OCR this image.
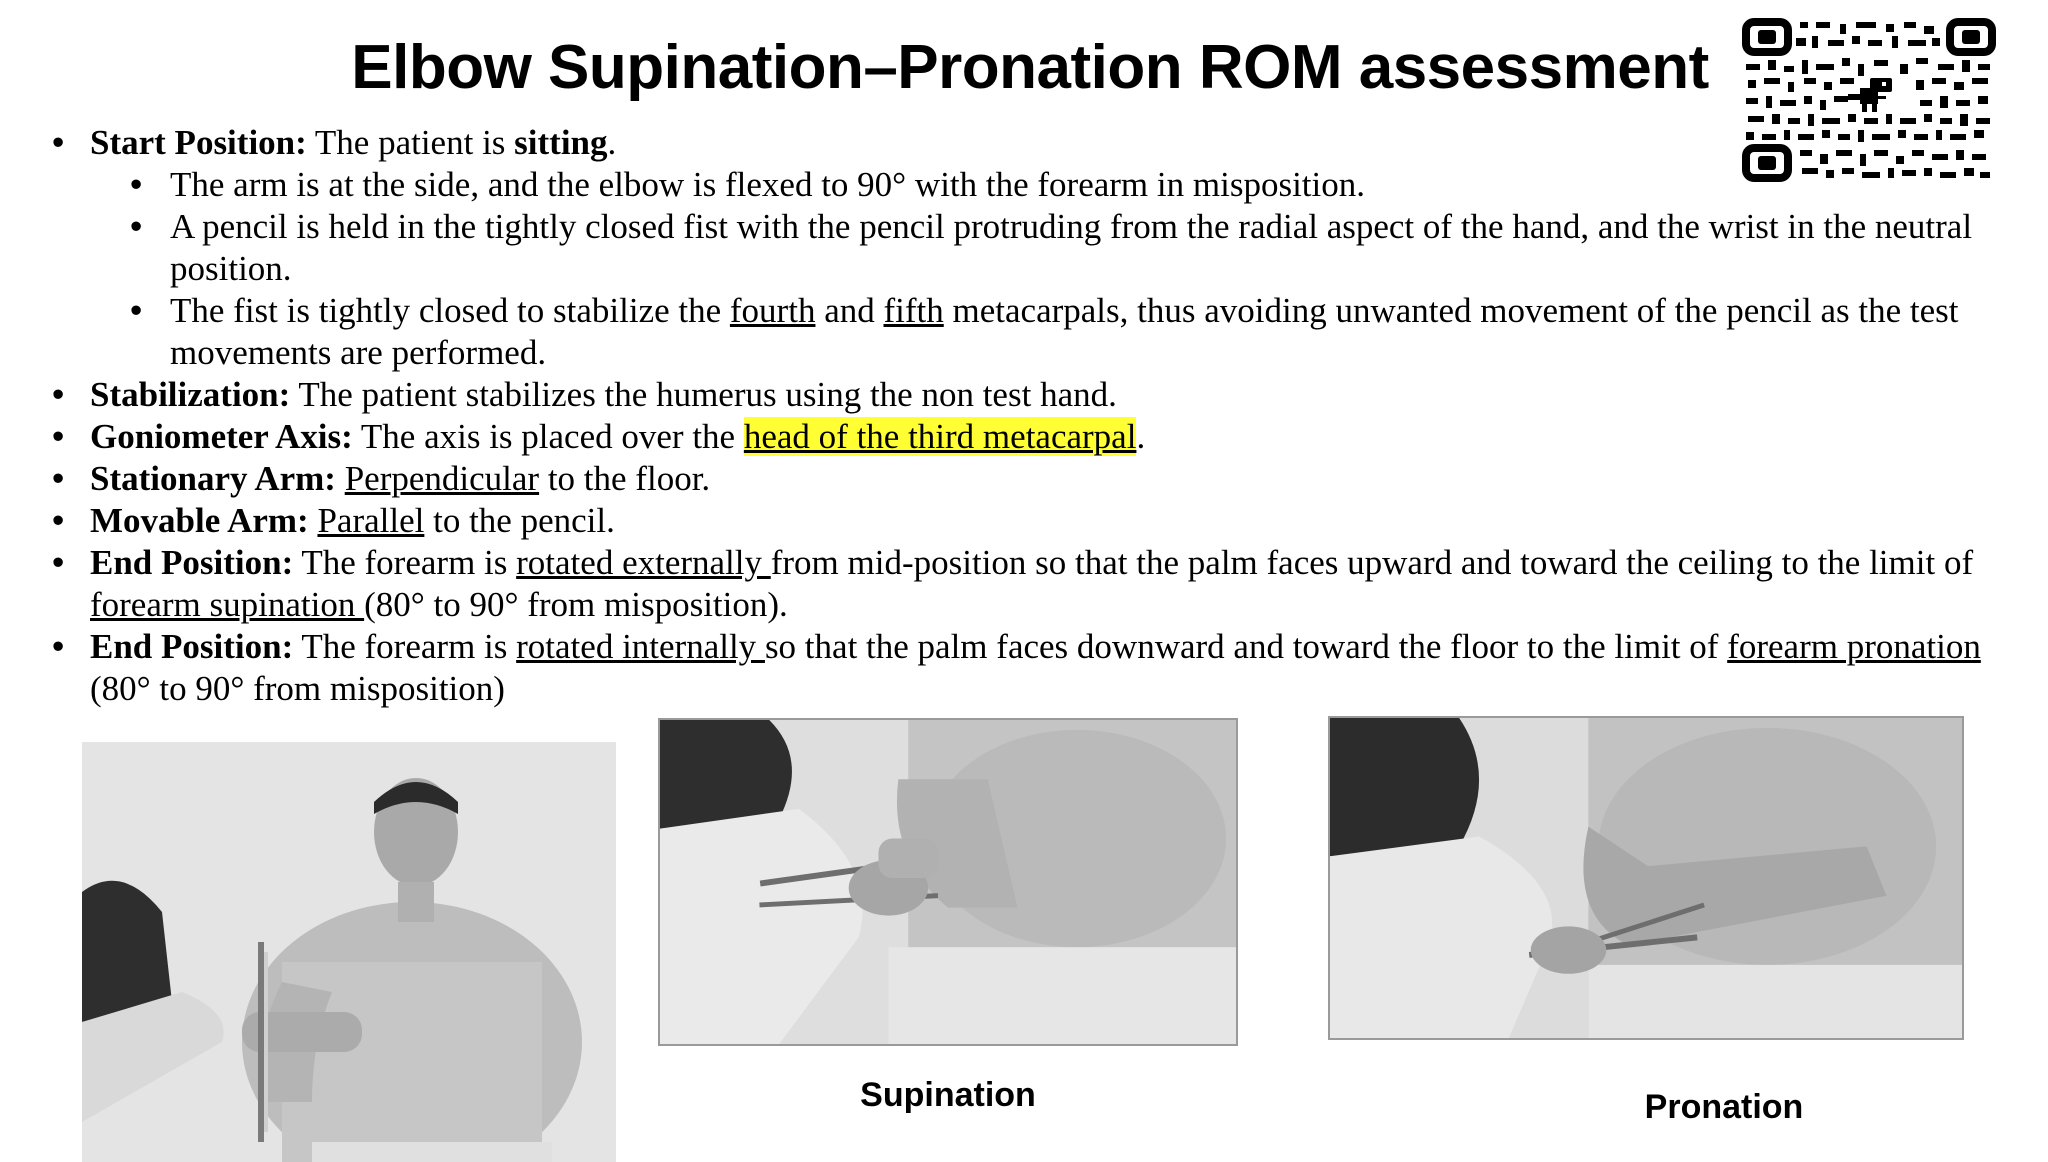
Elbow Supination–Pronation ROM assessment
• Start Position: The patient is sitting.
• The arm is at the side, and the elbow is flexed to 90° with the forearm in misposition.
• A pencil is held in the tightly closed fist with the pencil protruding from the radial aspect of the hand, and the wrist in the neutral position.
• The fist is tightly closed to stabilize the fourth and fifth metacarpals, thus avoiding unwanted movement of the pencil as the test movements are performed.
• Stabilization: The patient stabilizes the humerus using the non test hand.
• Goniometer Axis: The axis is placed over the head of the third metacarpal.
• Stationary Arm: Perpendicular to the floor.
• Movable Arm: Parallel to the pencil.
• End Position: The forearm is rotated externally from mid-position so that the palm faces upward and toward the ceiling to the limit of forearm supination (80° to 90° from misposition).
• End Position: The forearm is rotated internally so that the palm faces downward and toward the floor to the limit of forearm pronation (80° to 90° from misposition)
Supination	Pronation
